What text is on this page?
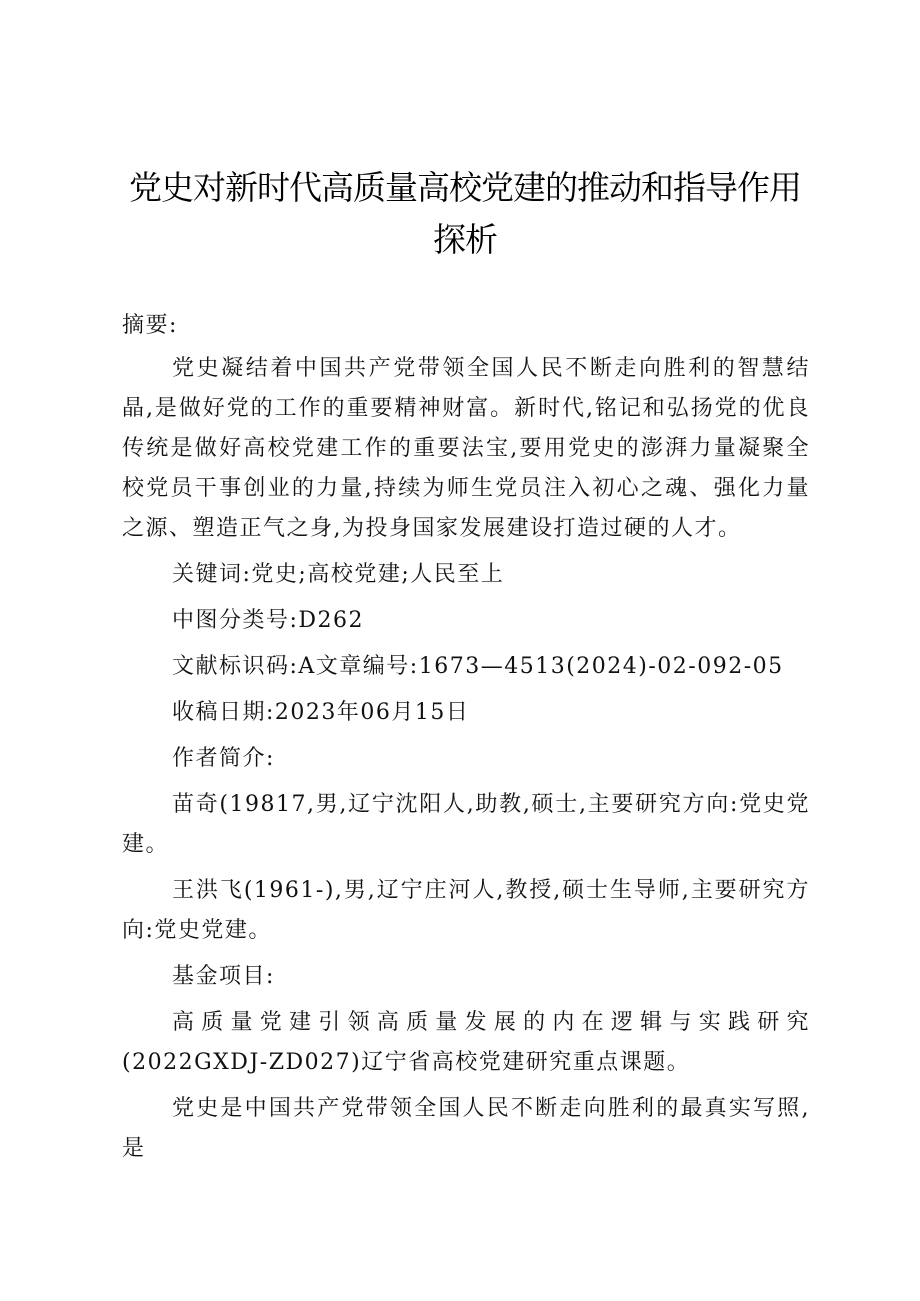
党史对新时代高质量高校党建的推动和指导作用探析

摘要:

党史凝结着中国共产党带领全国人民不断走向胜利的智慧结晶,是做好党的工作的重要精神财富。新时代,铭记和弘扬党的优良传统是做好高校党建工作的重要法宝,要用党史的澎湃力量凝聚全校党员干事创业的力量,持续为师生党员注入初心之魂、强化力量之源、塑造正气之身,为投身国家发展建设打造过硬的人才。

关键词:党史;高校党建;人民至上

中图分类号:D262

文献标识码:A文章编号:1673—4513(2024)-02-092-05

收稿日期:2023年06月15日

作者简介:

苗奇(19817,男,辽宁沈阳人,助教,硕士,主要研究方向:党史党建。

王洪飞(1961-),男,辽宁庄河人,教授,硕士生导师,主要研究方向:党史党建。

基金项目:

高质量党建引领高质量发展的内在逻辑与实践研究(2022GXDJ-ZD027)辽宁省高校党建研究重点课题。

党史是中国共产党带领全国人民不断走向胜利的最真实写照,是
